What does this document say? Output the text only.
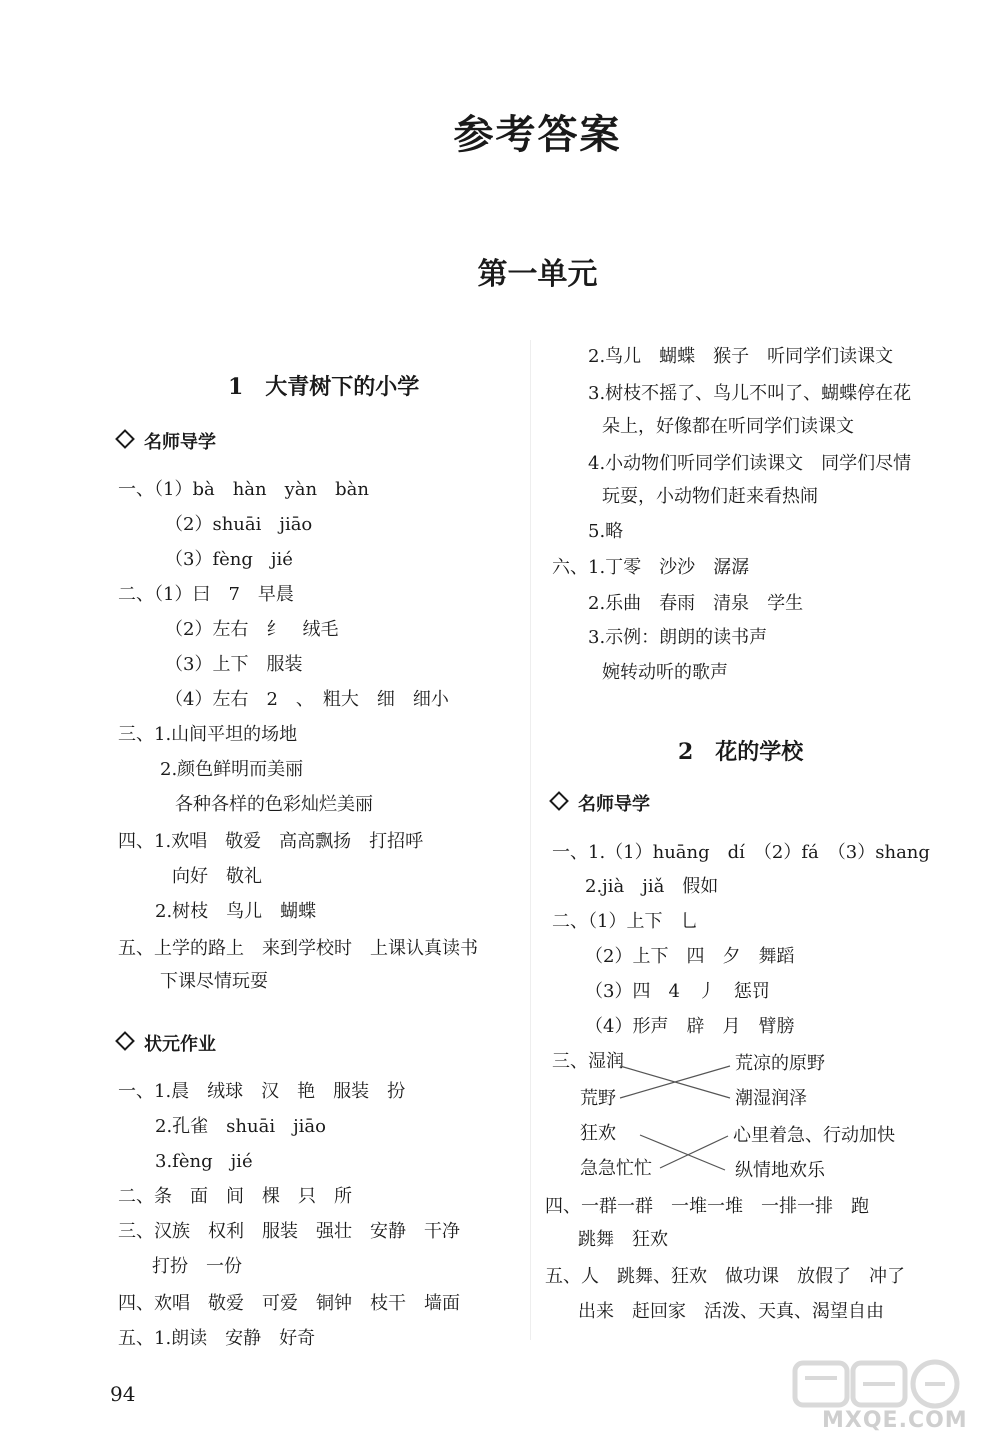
参考答案
第一单元
1　大青树下的小学
名师导学
一、（1）bà　hàn　yàn　bàn
（2）shuāi　jiāo
（3）fèng　jié
二、（1）曰　7　早晨
（2）左右　纟　绒毛
（3）上下　服装
（4）左右　2　、　粗大　细　细小
三、1.山间平坦的场地
2.颜色鲜明而美丽
各种各样的色彩灿烂美丽
四、1.欢唱　敬爱　高高飘扬　打招呼
向好　敬礼
2.树枝　鸟儿　蝴蝶
五、上学的路上　来到学校时　上课认真读书
下课尽情玩耍
状元作业
一、1.晨　绒球　汉　艳　服装　扮
2.孔雀　shuāi　jiāo
3.fèng　jié
二、条　面　间　棵　只　所
三、汉族　权利　服装　强壮　安静　干净
打扮　一份
四、欢唱　敬爱　可爱　铜钟　枝干　墙面
五、1.朗读　安静　好奇
2.鸟儿　蝴蝶　猴子　听同学们读课文
3.树枝不摇了、鸟儿不叫了、蝴蝶停在花
朵上，好像都在听同学们读课文
4.小动物们听同学们读课文　同学们尽情
玩耍，小动物们赶来看热闹
5.略
六、1.丁零　沙沙　潺潺
2.乐曲　春雨　清泉　学生
3.示例：朗朗的读书声
婉转动听的歌声
2　花的学校
名师导学
一、1.（1）huāng　dí　（2）fá　（3）shang
2.jià　jiǎ　假如
二、（1）上下　乚
（2）上下　四　夕　舞蹈
（3）四　4　丿　惩罚
（4）形声　辟　月　臂膀
三、湿润
荒野
狂欢
急急忙忙
荒凉的原野
潮湿润泽
心里着急、行动加快
纵情地欢乐
四、一群一群　一堆一堆　一排一排　跑
跳舞　狂欢
五、人　跳舞、狂欢　做功课　放假了　冲了
出来　赶回家　活泼、天真、渴望自由
94
MXQE.COM
